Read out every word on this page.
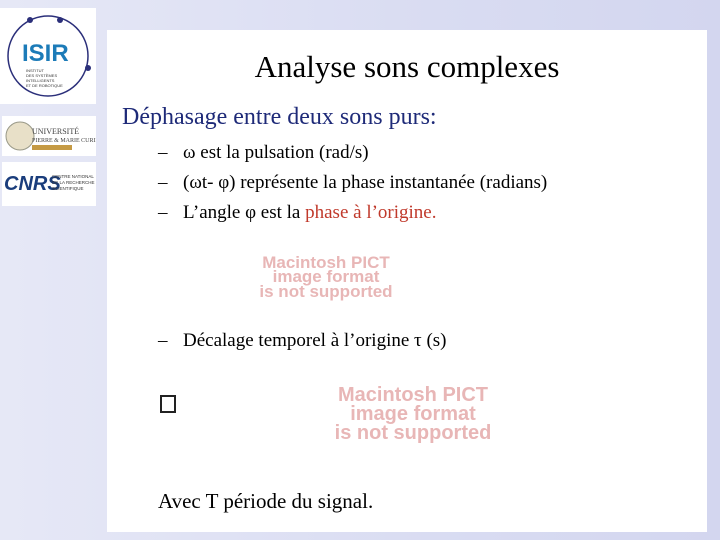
ISIR
INSTITUT
DES SYSTÈMES
INTELLIGENTS
ET DE ROBOTIQUE
UNIVERSITÉ
PIERRE & MARIE CURIE
CNRS
CENTRE NATIONAL
DE LA RECHERCHE
SCIENTIFIQUE
Analyse sons complexes
Déphasage entre deux sons purs:
– ω est la pulsation (rad/s)
– (ωt- φ) représente la phase instantanée (radians)
– L’angle φ est la phase à l’origine.
Macintosh PICT
image format
is not supported
– Décalage temporel à l’origine τ (s)
Macintosh PICT
image format
is not supported
Avec T période du signal.
